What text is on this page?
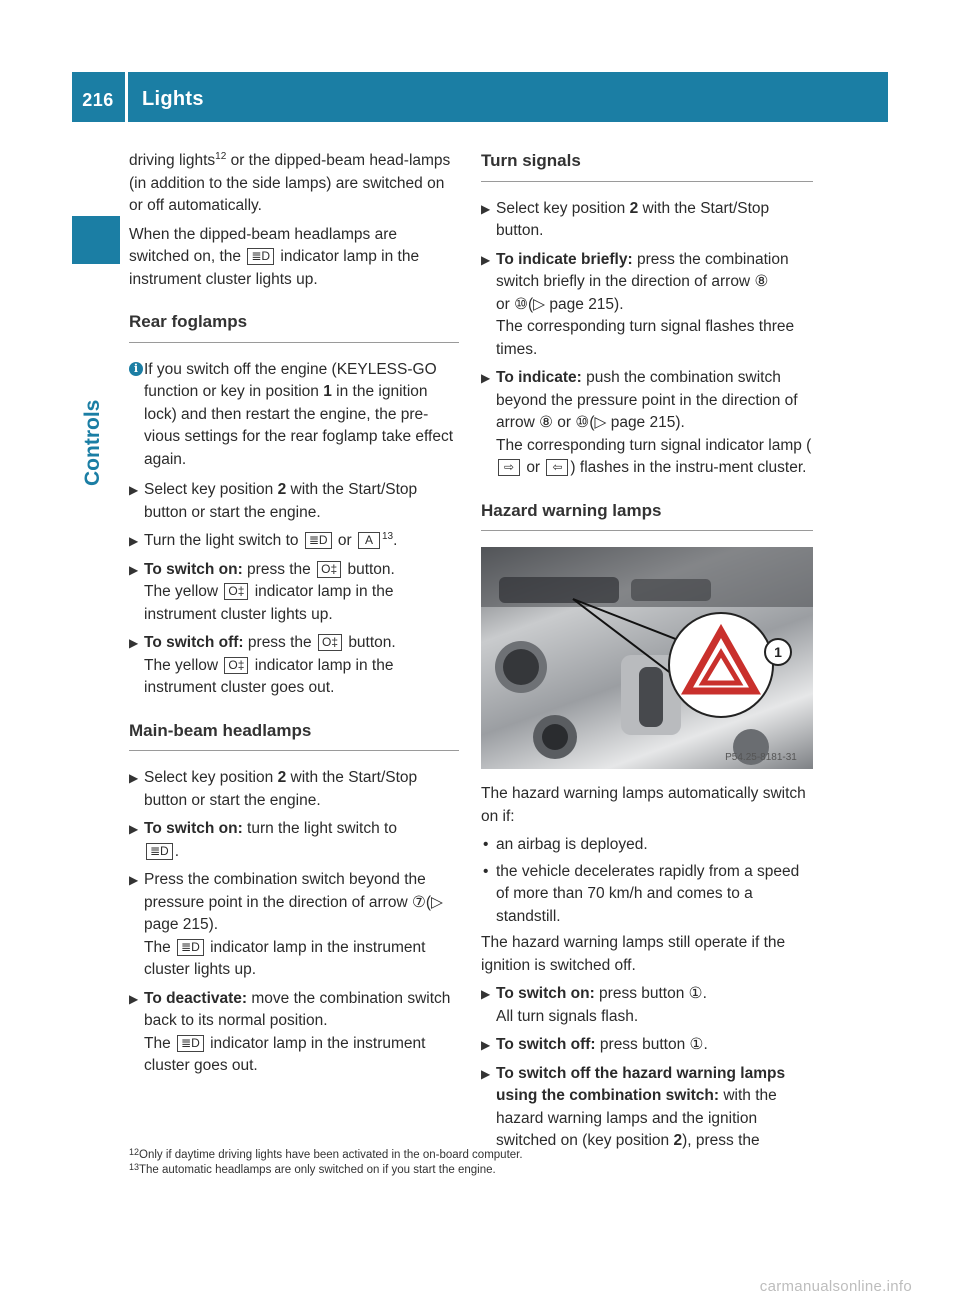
216	Lights
Controls

driving lights$^{12}$ or the dipped-beam head-lamps (in addition to the side lamps) are switched on or off automatically.

When the dipped-beam headlamps are switched on, the ≣D indicator lamp in the instrument cluster lights up.

Rear foglamps
i If you switch off the engine (KEYLESS-GO function or key in position 1 in the ignition lock) and then restart the engine, the pre-vious settings for the rear foglamp take effect again.
▶ Select key position 2 with the Start/Stop button or start the engine.
▶ Turn the light switch to ≣D or A $^{13}$.
▶ To switch on: press the O‡ button.
The yellow O‡ indicator lamp in the instrument cluster lights up.
▶ To switch off: press the O‡ button.
The yellow O‡ indicator lamp in the instrument cluster goes out.
Main-beam headlamps
▶ Select key position 2 with the Start/Stop button or start the engine.
▶ To switch on: turn the light switch to
≣D .
▶ Press the combination switch beyond the pressure point in the direction of arrow ⑦(▷ page 215).
The ≣D indicator lamp in the instrument cluster lights up.
▶ To deactivate: move the combination switch back to its normal position.
The ≣D indicator lamp in the instrument cluster goes out.
Turn signals
▶ Select key position 2 with the Start/Stop button.
▶ To indicate briefly: press the combination switch briefly in the direction of arrow ⑧
or ⑩(▷ page 215).
The corresponding turn signal flashes three times.
▶ To indicate: push the combination switch beyond the pressure point in the direction of arrow ⑧ or ⑩(▷ page 215).
The corresponding turn signal indicator lamp (⇨ or ⇦ ) flashes in the instru-ment cluster.
Hazard warning lamps
1
P54.25-8181-31

The hazard warning lamps automatically switch on if:

• an airbag is deployed.
• the vehicle decelerates rapidly from a speed of more than 70 km/h and comes to a standstill.

The hazard warning lamps still operate if the ignition is switched off.

▶ To switch on: press button ①.
All turn signals flash.
▶ To switch off: press button ①.
▶ To switch off the hazard warning lamps using the combination switch: with the hazard warning lamps and the ignition switched on (key position 2), press the
12 Only if daytime driving lights have been activated in the on-board computer.
13 The automatic headlamps are only switched on if you start the engine.
carmanualsonline.info
